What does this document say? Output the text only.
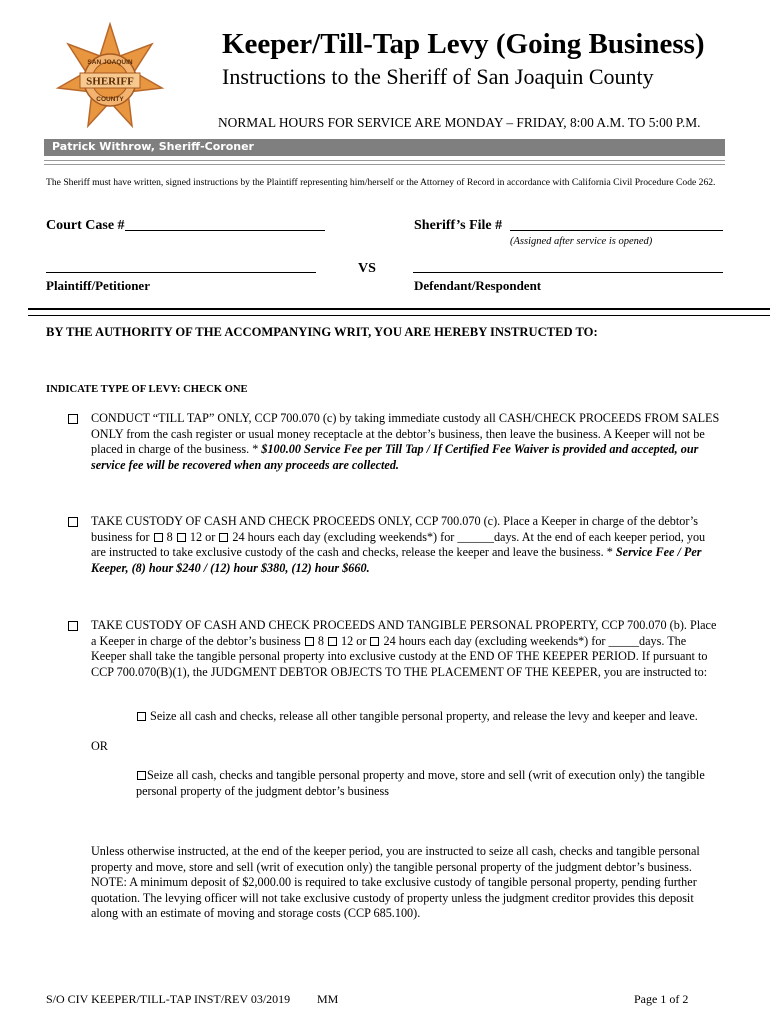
SHERIFF
SAN JOAQUIN
COUNTY
Keeper/Till-Tap Levy (Going Business)
Instructions to the Sheriff of San Joaquin County
NORMAL HOURS FOR SERVICE ARE MONDAY – FRIDAY, 8:00 A.M. TO 5:00 P.M.
Patrick Withrow, Sheriff-Coroner
The Sheriff must have written, signed instructions by the Plaintiff representing him/herself or the Attorney of Record in accordance with California Civil Procedure Code 262.
Court Case #	Sheriff’s File #
(Assigned after service is opened)
VS
Plaintiff/Petitioner	Defendant/Respondent
BY THE AUTHORITY OF THE ACCOMPANYING WRIT, YOU ARE HEREBY INSTRUCTED TO:
INDICATE TYPE OF LEVY: CHECK ONE
CONDUCT “TILL TAP” ONLY, CCP 700.070 (c) by taking immediate custody all CASH/CHECK PROCEEDS FROM SALES ONLY from the cash register or usual money receptacle at the debtor’s business, then leave the business. A Keeper will not be placed in charge of the business. * $100.00 Service Fee per Till Tap / If Certified Fee Waiver is provided and accepted, our service fee will be recovered when any proceeds are collected.
TAKE CUSTODY OF CASH AND CHECK PROCEEDS ONLY, CCP 700.070 (c). Place a Keeper in charge of the debtor’s business for  8 12 or 24 hours each day (excluding weekends*) for ______days. At the end of each keeper period, you are instructed to take exclusive custody of the cash and checks, release the keeper and leave the business. * Service Fee / Per Keeper, (8) hour $240 / (12) hour $380, (12) hour $660.
TAKE CUSTODY OF CASH AND CHECK PROCEEDS AND TANGIBLE PERSONAL PROPERTY, CCP 700.070 (b). Place a Keeper in charge of the debtor’s business  8 12 or 24 hours each day (excluding weekends*) for _____days. The Keeper shall take the tangible personal property into exclusive custody at the END OF THE KEEPER PERIOD. If pursuant to CCP 700.070(B)(1), the JUDGMENT DEBTOR OBJECTS TO THE PLACEMENT OF THE KEEPER, you are instructed to:
Seize all cash and checks, release all other tangible personal property, and release the levy and keeper and leave.
OR
Seize all cash, checks and tangible personal property and move, store and sell (writ of execution only) the tangible personal property of the judgment debtor’s business
Unless otherwise instructed, at the end of the keeper period, you are instructed to seize all cash, checks and tangible personal property and move, store and sell (writ of execution only) the tangible personal property of the judgment debtor’s business. NOTE: A minimum deposit of $2,000.00 is required to take exclusive custody of tangible personal property, pending further quotation. The levying officer will not take exclusive custody of property unless the judgment creditor provides this deposit along with an estimate of moving and storage costs (CCP 685.100).
S/O CIV KEEPER/TILL-TAP INST/REV 03/2019 MM	Page 1 of 2
